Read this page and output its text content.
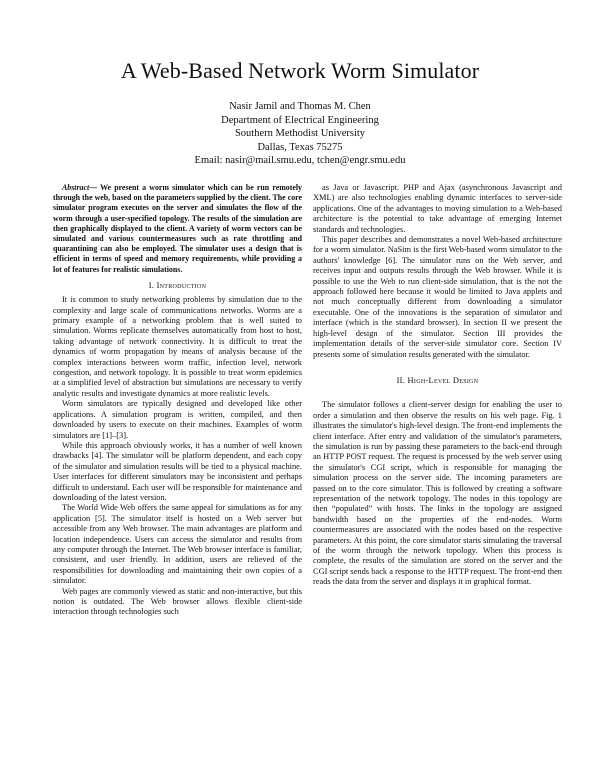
A Web-Based Network Worm Simulator
Nasir Jamil and Thomas M. Chen
Department of Electrical Engineering
Southern Methodist University
Dallas, Texas 75275
Email: nasir@mail.smu.edu, tchen@engr.smu.edu

Abstract— We present a worm simulator which can be run remotely through the web, based on the parameters supplied by the client. The core simulator program executes on the server and simulates the flow of the worm through a user-specified topology. The results of the simulation are then graphically displayed to the client. A variety of worm vectors can be simulated and various countermeasures such as rate throttling and quarantining can also be employed. The simulator uses a design that is efficient in terms of speed and memory requirements, while providing a lot of features for realistic simulations.

I. Introduction

It is common to study networking problems by simulation due to the complexity and large scale of communications networks. Worms are a primary example of a networking problem that is well suited to simulation. Worms replicate themselves automatically from host to host, taking advantage of network connectivity. It is difficult to treat the dynamics of worm propagation by means of analysis because of the complex interactions between worm traffic, infection level, network congestion, and network topology. It is possible to treat worm epidemics at a simplified level of abstraction but simulations are necessary to verify analytic results and investigate dynamics at more realistic levels.

Worm simulators are typically designed and developed like other applications. A simulation program is written, compiled, and then downloaded by users to execute on their machines. Examples of worm simulators are [1]–[3].

While this approach obviously works, it has a number of well known drawbacks [4]. The simulator will be platform dependent, and each copy of the simulator and simulation results will be tied to a physical machine. User interfaces for different simulators may be inconsistent and perhaps difficult to understand. Each user will be responsible for maintenance and downloading of the latest version.

The World Wide Web offers the same appeal for simulations as for any application [5]. The simulator itself is hosted on a Web server but accessible from any Web browser. The main advantages are platform and location independence. Users can access the simulator and results from any computer through the Internet. The Web browser interface is familiar, consistent, and user friendly. In addition, users are relieved of the responsibilities for downloading and maintaining their own copies of a simulator.

Web pages are commonly viewed as static and non-interactive, but this notion is outdated. The Web browser allows flexible client-side interaction through technologies such

as Java or Javascript. PHP and Ajax (asynchronous Javascript and XML) are also technologies enabling dynamic interfaces to server-side applications. One of the advantages to moving simulation to a Web-based architecture is the potential to take advantage of emerging Internet standards and technologies.

This paper describes and demonstrates a novel Web-based architecture for a worm simulator. NaSim is the first Web-based worm simulator to the authors' knowledge [6]. The simulator runs on the Web server, and receives input and outputs results through the Web browser. While it is possible to use the Web to run client-side simulation, that is the not the approach followed here because it would be limited to Java applets and not much conceptually different from downloading a simulator executable. One of the innovations is the separation of simulator and interface (which is the standard browser). In section II we present the high-level design of the simulator. Section III provides the implementation details of the server-side simulator core. Section IV presents some of simulation results generated with the simulator.

II. High-Level Design

The simulator follows a client-server design for enabling the user to order a simulation and then observe the results on his web page. Fig. 1 illustrates the simulator's high-level design. The front-end implements the client interface. After entry and validation of the simulator's parameters, the simulation is run by passing these parameters to the back-end through an HTTP POST request. The request is processed by the web server using the simulator's CGI script, which is responsible for managing the simulation process on the server side. The incoming parameters are passed on to the core simulator. This is followed by creating a software representation of the network topology. The nodes in this topology are then “populated” with hosts. The links in the topology are assigned bandwidth based on the properties of the end-nodes. Worm countermeasures are associated with the nodes based on the respective parameters. At this point, the core simulator starts simulating the traversal of the worm through the network topology. When this process is complete, the results of the simulation are stored on the server and the CGI script sends back a response to the HTTP request. The front-end then reads the data from the server and displays it in graphical format.
